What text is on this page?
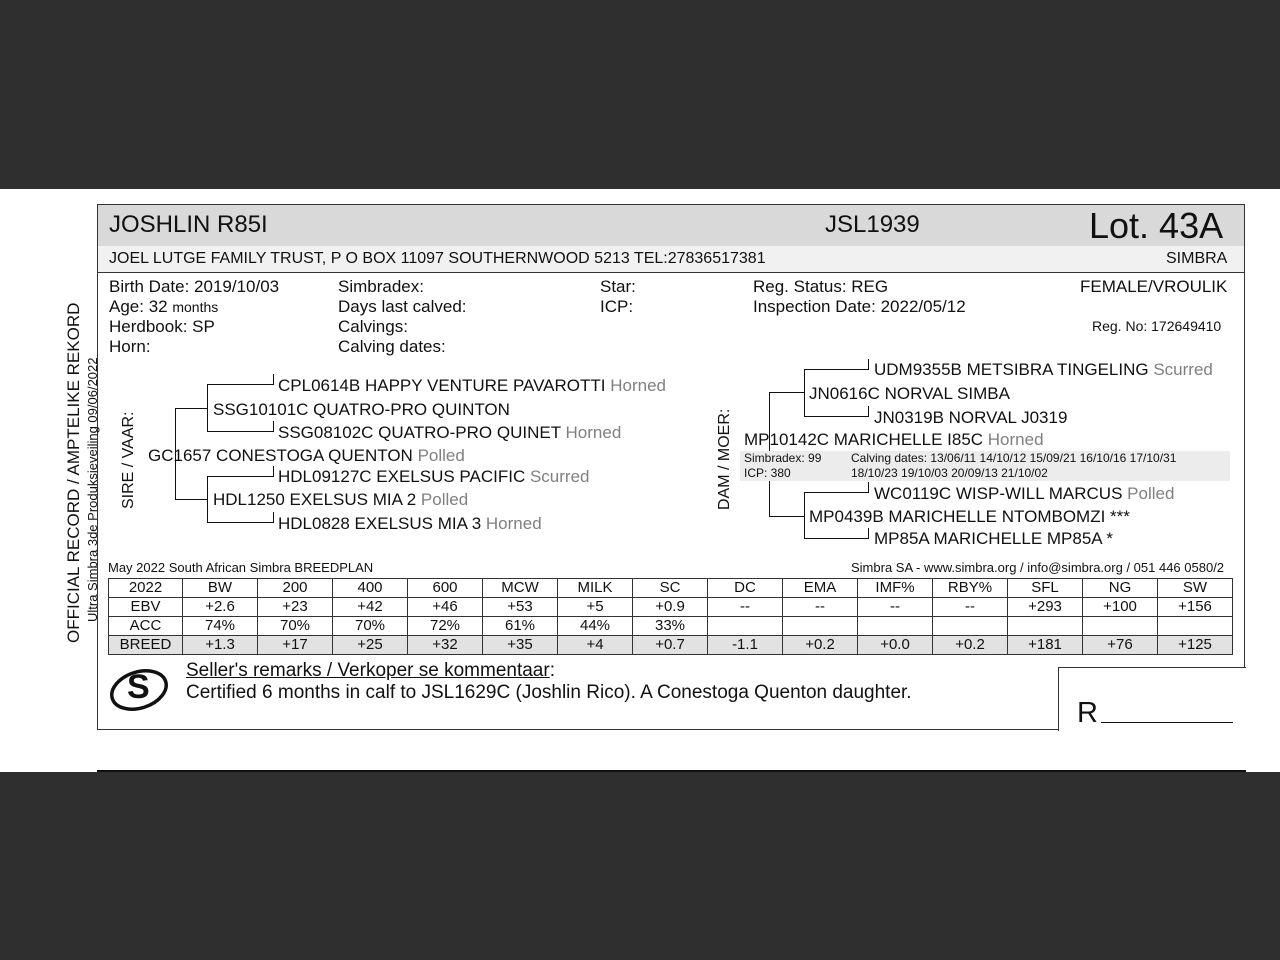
JOSHLIN R85I	JSL1939	Lot. 43A
JOEL LUTGE FAMILY TRUST, P O BOX 11097 SOUTHERNWOOD 5213 TEL:27836517381	SIMBRA
Birth Date: 2019/10/03
Age: 32 months
Herdbook: SP
Horn:
Simbradex:
Days last calved:
Calvings:
Calving dates:
Star:
ICP:
Reg. Status: REG
Inspection Date: 2022/05/12
FEMALE/VROULIK
Reg. No: 172649410
OFFICIAL RECORD / AMPTELIKE REKORD Ultra Simbra 3de Produksieveiling 09/06/2022 SIRE / VAAR:	DAM / MOER:
CPL0614B HAPPY VENTURE PAVAROTTI Horned
SSG10101C QUATRO-PRO QUINTON
SSG08102C QUATRO-PRO QUINET Horned
GC1657 CONESTOGA QUENTON Polled
HDL09127C EXELSUS PACIFIC Scurred
HDL1250 EXELSUS MIA 2 Polled
HDL0828 EXELSUS MIA 3 Horned
UDM9355B METSIBRA TINGELING Scurred
JN0616C NORVAL SIMBA
JN0319B NORVAL J0319
MP10142C MARICHELLE I85C Horned
Simbradex: 99
ICP: 380
Calving dates: 13/06/11 14/10/12 15/09/21 16/10/16 17/10/31
18/10/23 19/10/03 20/09/13 21/10/02
WC0119C WISP-WILL MARCUS Polled
MP0439B MARICHELLE NTOMBOMZI ***
MP85A MARICHELLE MP85A *
May 2022 South African Simbra BREEDPLAN	Simbra SA - www.simbra.org / info@simbra.org / 051 446 0580/2
2022	BW	200	400	600	MCW	MILK	SC	DC	EMA	IMF%	RBY%	SFL	NG	SW
EBV	+2.6	+23	+42	+46	+53	+5	+0.9	--	--	--	--	+293	+100	+156
ACC	74%	70%	70%	72%	61%	44%	33%							
BREED	+1.3	+17	+25	+32	+35	+4	+0.7	-1.1	+0.2	+0.0	+0.2	+181	+76	+125
S Seller's remarks / Verkoper se kommentaar:
Certified 6 months in calf to JSL1629C (Joshlin Rico). A Conestoga Quenton daughter.
R
